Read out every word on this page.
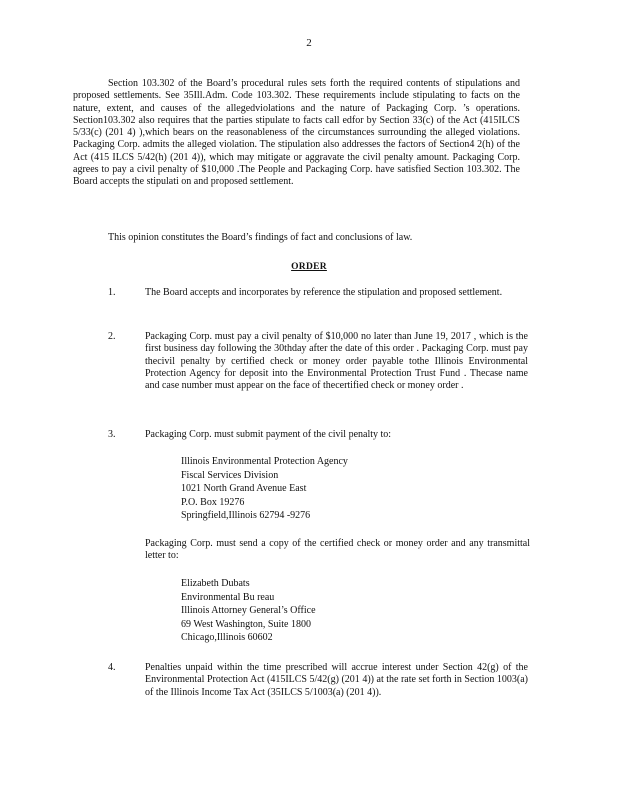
2

Section 103.302 of the Board’s procedural rules sets forth the required contents of stipulations and proposed settlements. See 35Ill.Adm. Code 103.302. These requirements include stipulating to facts on the nature, extent, and causes of the allegedviolations and the nature of Packaging Corp. ’s operations. Section103.302 also requires that the parties stipulate to facts call edfor by Section 33(c) of the Act (415ILCS 5/33(c) (201 4) ),which bears on the reasonableness of the circumstances surrounding the alleged violations. Packaging Corp. admits the alleged violation. The stipulation also addresses the factors of Section4 2(h) of the Act (415 ILCS 5/42(h) (201 4)), which may mitigate or aggravate the civil penalty amount. Packaging Corp. agrees to pay a civil penalty of $10,000 .The People and Packaging Corp. have satisfied Section 103.302. The Board accepts the stipulati on and proposed settlement.

This opinion constitutes the Board’s findings of fact and conclusions of law.

ORDER
1.	The Board accepts and incorporates by reference the stipulation and proposed settlement.
2.	Packaging Corp. must pay a civil penalty of $10,000 no later than June 19, 2017 , which is the first business day following the 30thday after the date of this order . Packaging Corp. must pay thecivil penalty by certified check or money order payable tothe Illinois Environmental Protection Agency for deposit into the Environmental Protection Trust Fund . Thecase name and case number must appear on the face of thecertified check or money order .
3.	Packaging Corp. must submit payment of the civil penalty to:
Illinois Environmental Protection Agency
Fiscal Services Division
1021 North Grand Avenue East
P.O. Box 19276
Springfield,Illinois 62794 -9276
Packaging Corp. must send a copy of the certified check or money order and any transmittal letter to:
Elizabeth Dubats
Environmental Bu reau
Illinois Attorney General’s Office
69 West Washington, Suite 1800
Chicago,Illinois 60602
4.	Penalties unpaid within the time prescribed will accrue interest under Section 42(g) of the Environmental Protection Act (415ILCS 5/42(g) (201 4)) at the rate set forth in Section 1003(a) of the Illinois Income Tax Act (35ILCS 5/1003(a) (201 4)).
